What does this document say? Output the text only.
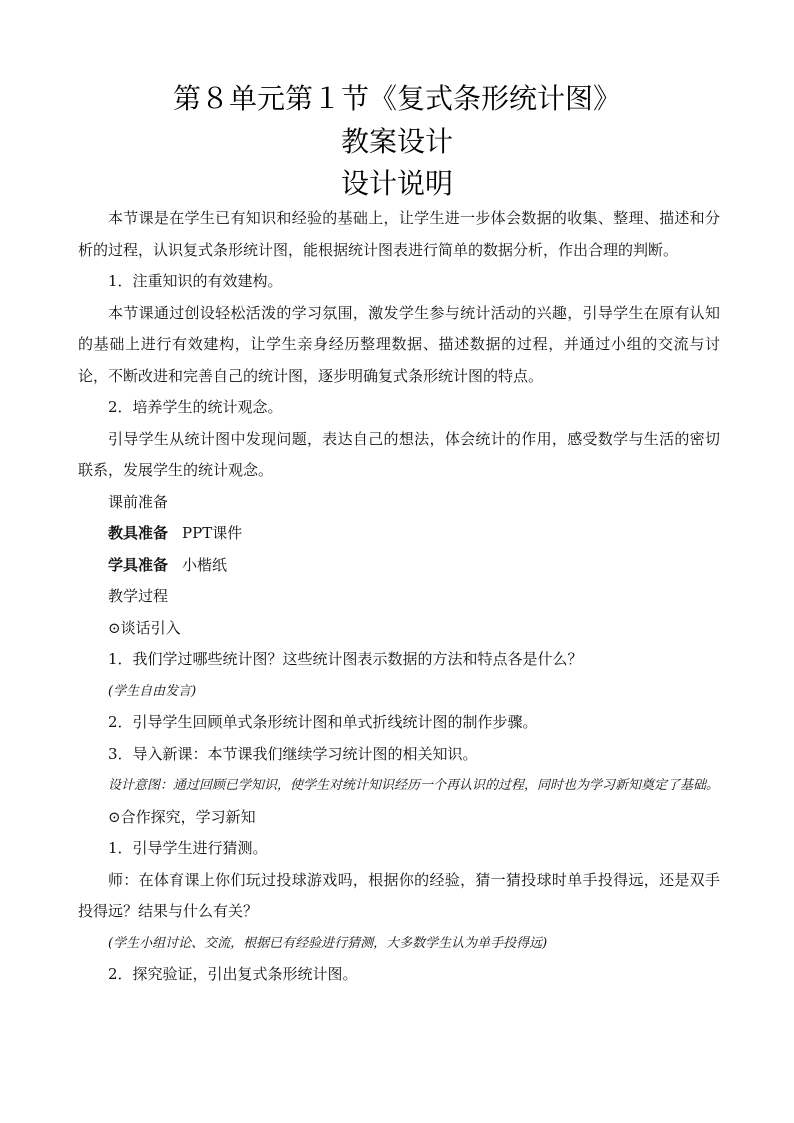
第８单元第１节《复式条形统计图》
教案设计
设计说明

本节课是在学生已有知识和经验的基础上，让学生进一步体会数据的收集、整理、描述和分析的过程，认识复式条形统计图，能根据统计图表进行简单的数据分析，作出合理的判断。

1．注重知识的有效建构。

本节课通过创设轻松活泼的学习氛围，激发学生参与统计活动的兴趣，引导学生在原有认知的基础上进行有效建构，让学生亲身经历整理数据、描述数据的过程，并通过小组的交流与讨论，不断改进和完善自己的统计图，逐步明确复式条形统计图的特点。

2．培养学生的统计观念。

引导学生从统计图中发现问题，表达自己的想法，体会统计的作用，感受数学与生活的密切联系，发展学生的统计观念。

课前准备

教具准备 PPT课件

学具准备 小楷纸

教学过程

⊙谈话引入

1．我们学过哪些统计图？这些统计图表示数据的方法和特点各是什么？

(学生自由发言)

2．引导学生回顾单式条形统计图和单式折线统计图的制作步骤。

3．导入新课：本节课我们继续学习统计图的相关知识。

设计意图：通过回顾已学知识，使学生对统计知识经历一个再认识的过程，同时也为学习新知奠定了基础。

⊙合作探究，学习新知

1．引导学生进行猜测。

师：在体育课上你们玩过投球游戏吗，根据你的经验，猜一猜投球时单手投得远，还是双手投得远？结果与什么有关？

(学生小组讨论、交流，根据已有经验进行猜测，大多数学生认为单手投得远)

2．探究验证，引出复式条形统计图。
